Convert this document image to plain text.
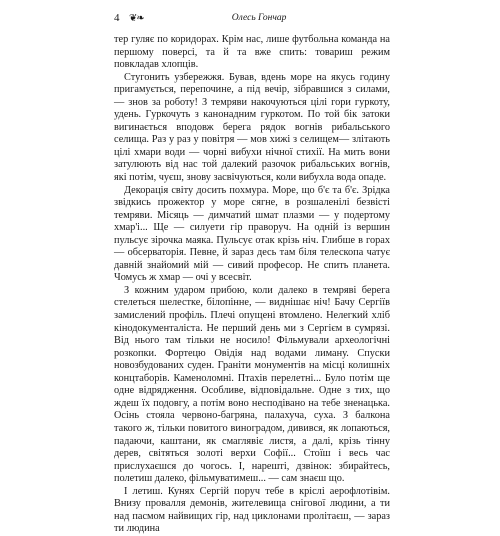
4 ❦❧	Олесь Гончар

тер гуляє по коридорах. Крім нас, лише футбольна команда на першому поверсі, та й та вже спить: товариш режим повкладав хлопців.

Стугонить узбережжя. Бував, вдень море на якусь годину пригамується, перепочине, а під вечір, зібравшися з силами, — знов за роботу! З темряви накочуються цілі гори гуркоту, удень. Гуркочуть з канонадним гуркотом. По той бік затоки вигинається вподовж берега рядок вогнів рибальського селища. Раз у раз у повітря — мов хижі з селищем— злітають цілі хмари води — чорні вибухи нічної стихії. На мить вони затулюють від нас той далекий разочок рибальських вогнів, які потім, чуєш, знову засвічуються, коли вибухла вода опаде.

Декорація світу досить похмура. Море, що б'є та б'є. Зрідка звідкись прожектор у море сягне, в розшаленілі безвісті темряви. Місяць — димчатий шмат плазми — у подертому хмар'і... Ще — силуети гір праворуч. На одній із вершин пульсує зірочка маяка. Пульсує отак крізь ніч. Глибше в горах — обсерваторія. Певне, й зараз десь там біля телескопа чатує давній знайомий мій — сивий професор. Не спить планета. Чомусь ж хмар — очі у всесвіт.

З кожним ударом прибою, коли далеко в темряві берега стелеться шелестке, білопінне, — виднішає ніч! Бачу Сергіїв замислений профіль. Плечі опущені втомлено. Нелегкий хліб кінодокументаліста. Не перший день ми з Сергієм в сумрязі. Від нього там тільки не носило! Фільмували археологічні розкопки. Фортецю Овідія над водами лиману. Спуски новозбудованих суден. Граніти монументів на місці колишніх концтаборів. Каменоломні. Птахів перелетні... Було потім ще одне відрядження. Особливе, відповідальне. Одне з тих, що ждеш їх подовгу, а потім воно несподівано на тебе зненацька. Осінь стояла червоно-багряна, палахуча, суха. З балкона такого ж, тільки повитого виноградом, дивився, як лопаються, падаючи, каштани, як смаглявіє листя, а далі, крізь тінну дерев, світяться золоті верхи Софії... Стоїш і весь час прислухаєшся до чогось. І, нарешті, дзвінок: збирайтесь, полетиш далеко, фільмуватимеш... — сам знаєш що.

І летиш. Кунях Сергій поруч тебе в кріслі аерофлотівім. Внизу провалля демонів, жителевища снігової людини, а ти над пасмом найвищих гір, над циклонами пролітаєш, — зараз ти людина
